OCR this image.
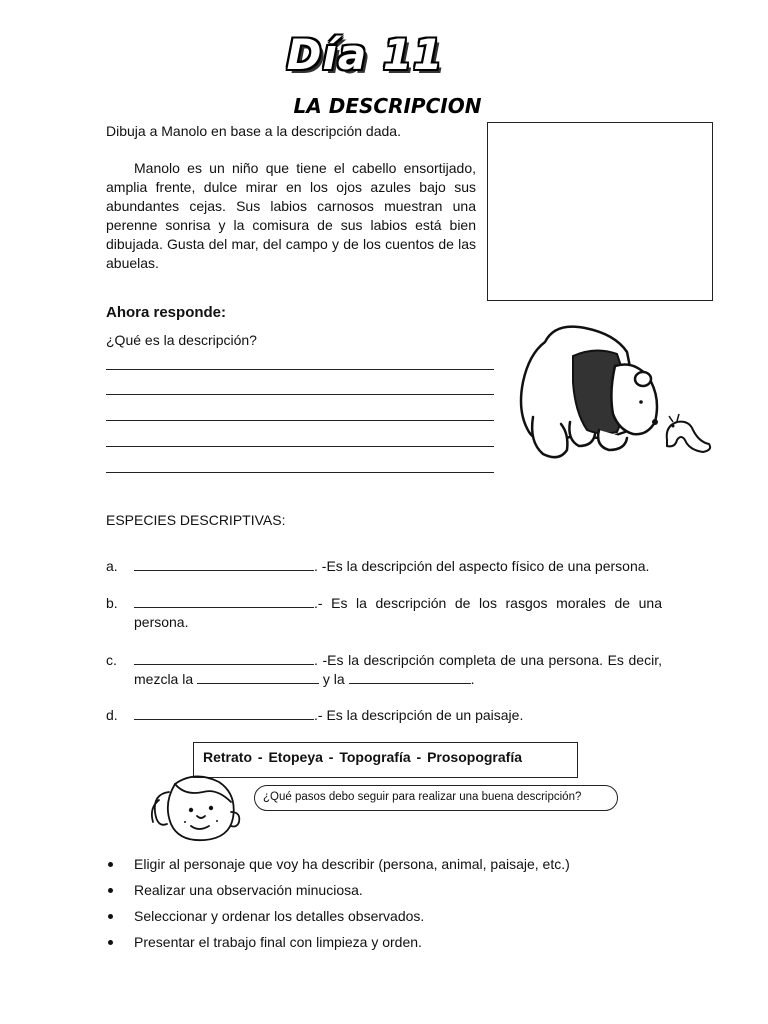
Día 11
LA DESCRIPCION
Dibuja a Manolo en base a la descripción dada.
Manolo es un niño que tiene el cabello ensortijado, amplia frente, dulce mirar en los ojos azules bajo sus abundantes cejas. Sus labios carnosos muestran una perenne sonrisa y la comisura de sus labios está bien dibujada. Gusta del mar, del campo y de los cuentos de las abuelas.
Ahora responde:
¿Qué es la descripción?
ESPECIES DESCRIPTIVAS:
a.	. -Es la descripción del aspecto físico de una persona.
b.	.- Es la descripción de los rasgos morales de una persona.
c.	. -Es la descripción completa de una persona. Es decir, mezcla la	y la	.
d.	.- Es la descripción de un paisaje.
Retrato - Etopeya - Topografía - Prosopografía
¿Qué pasos debo seguir para realizar una buena descripción?
Eligir al personaje que voy ha describir (persona, animal, paisaje, etc.)
Realizar una observación minuciosa.
Seleccionar y ordenar los detalles observados.
Presentar el trabajo final con limpieza y orden.
